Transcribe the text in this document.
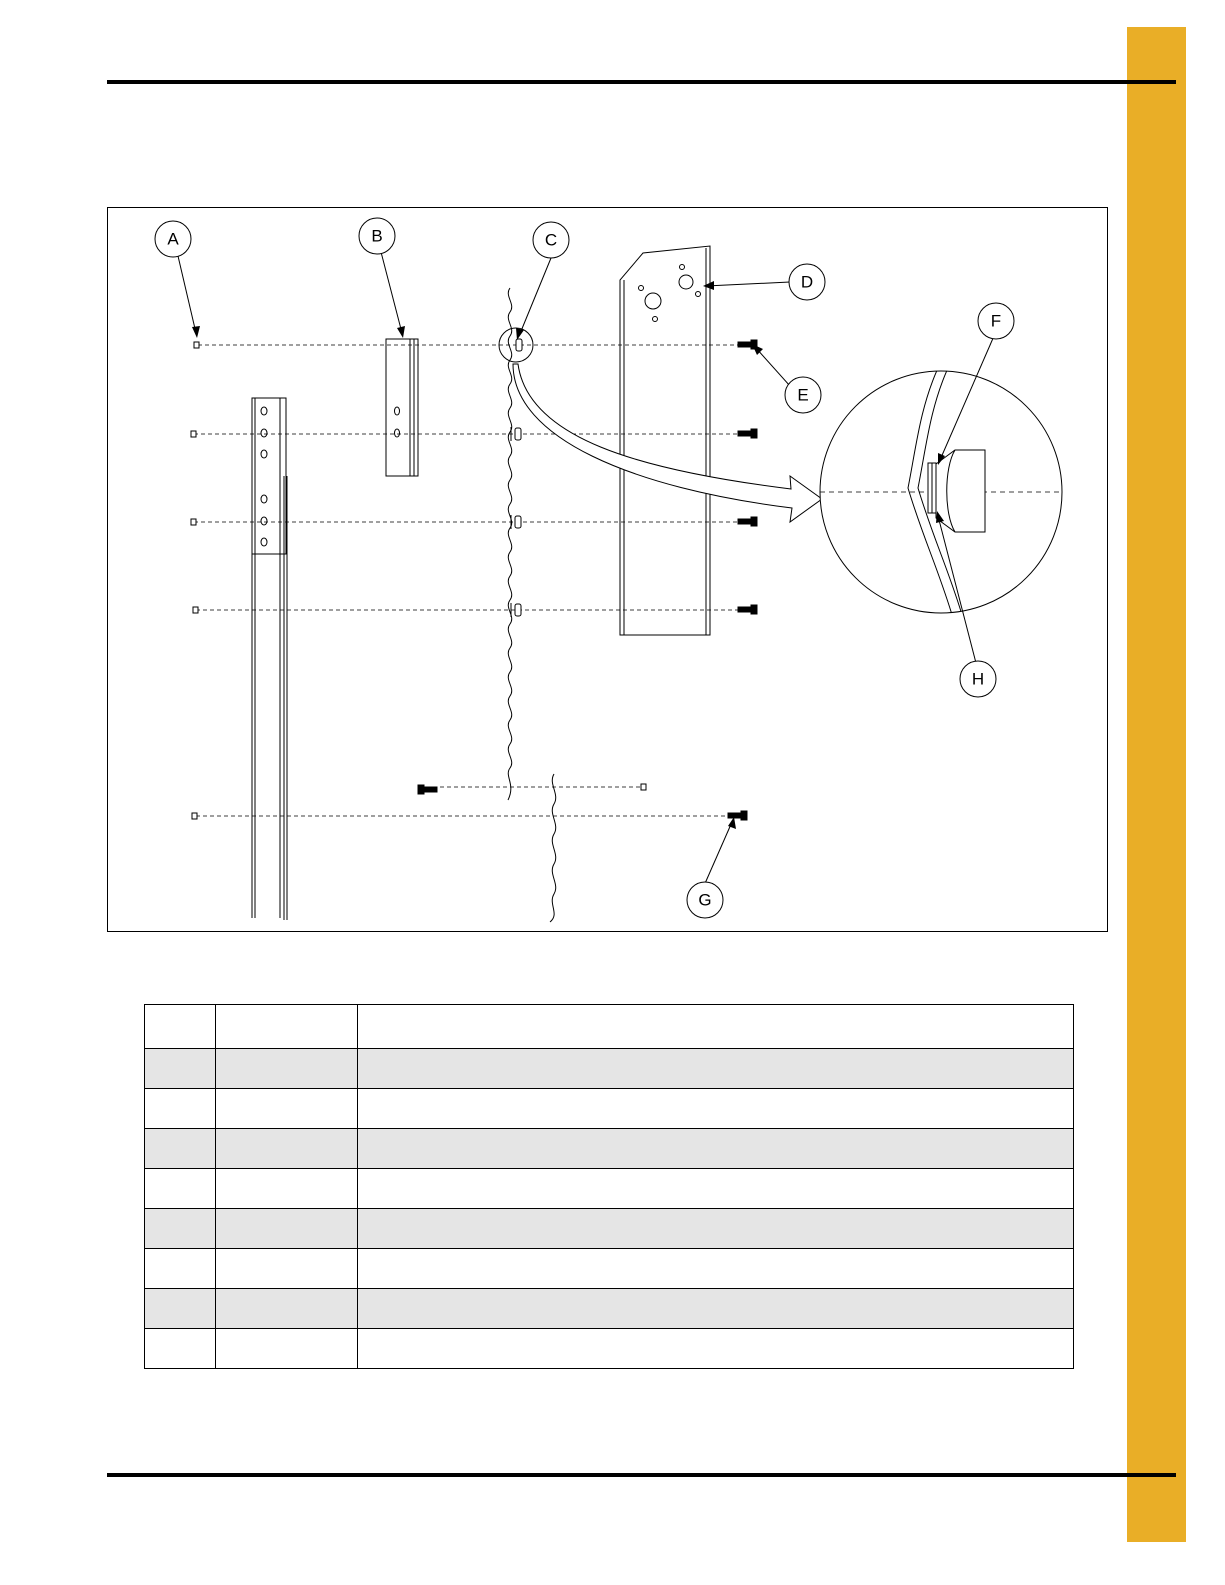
A	B	C
D
E
F
G
H
